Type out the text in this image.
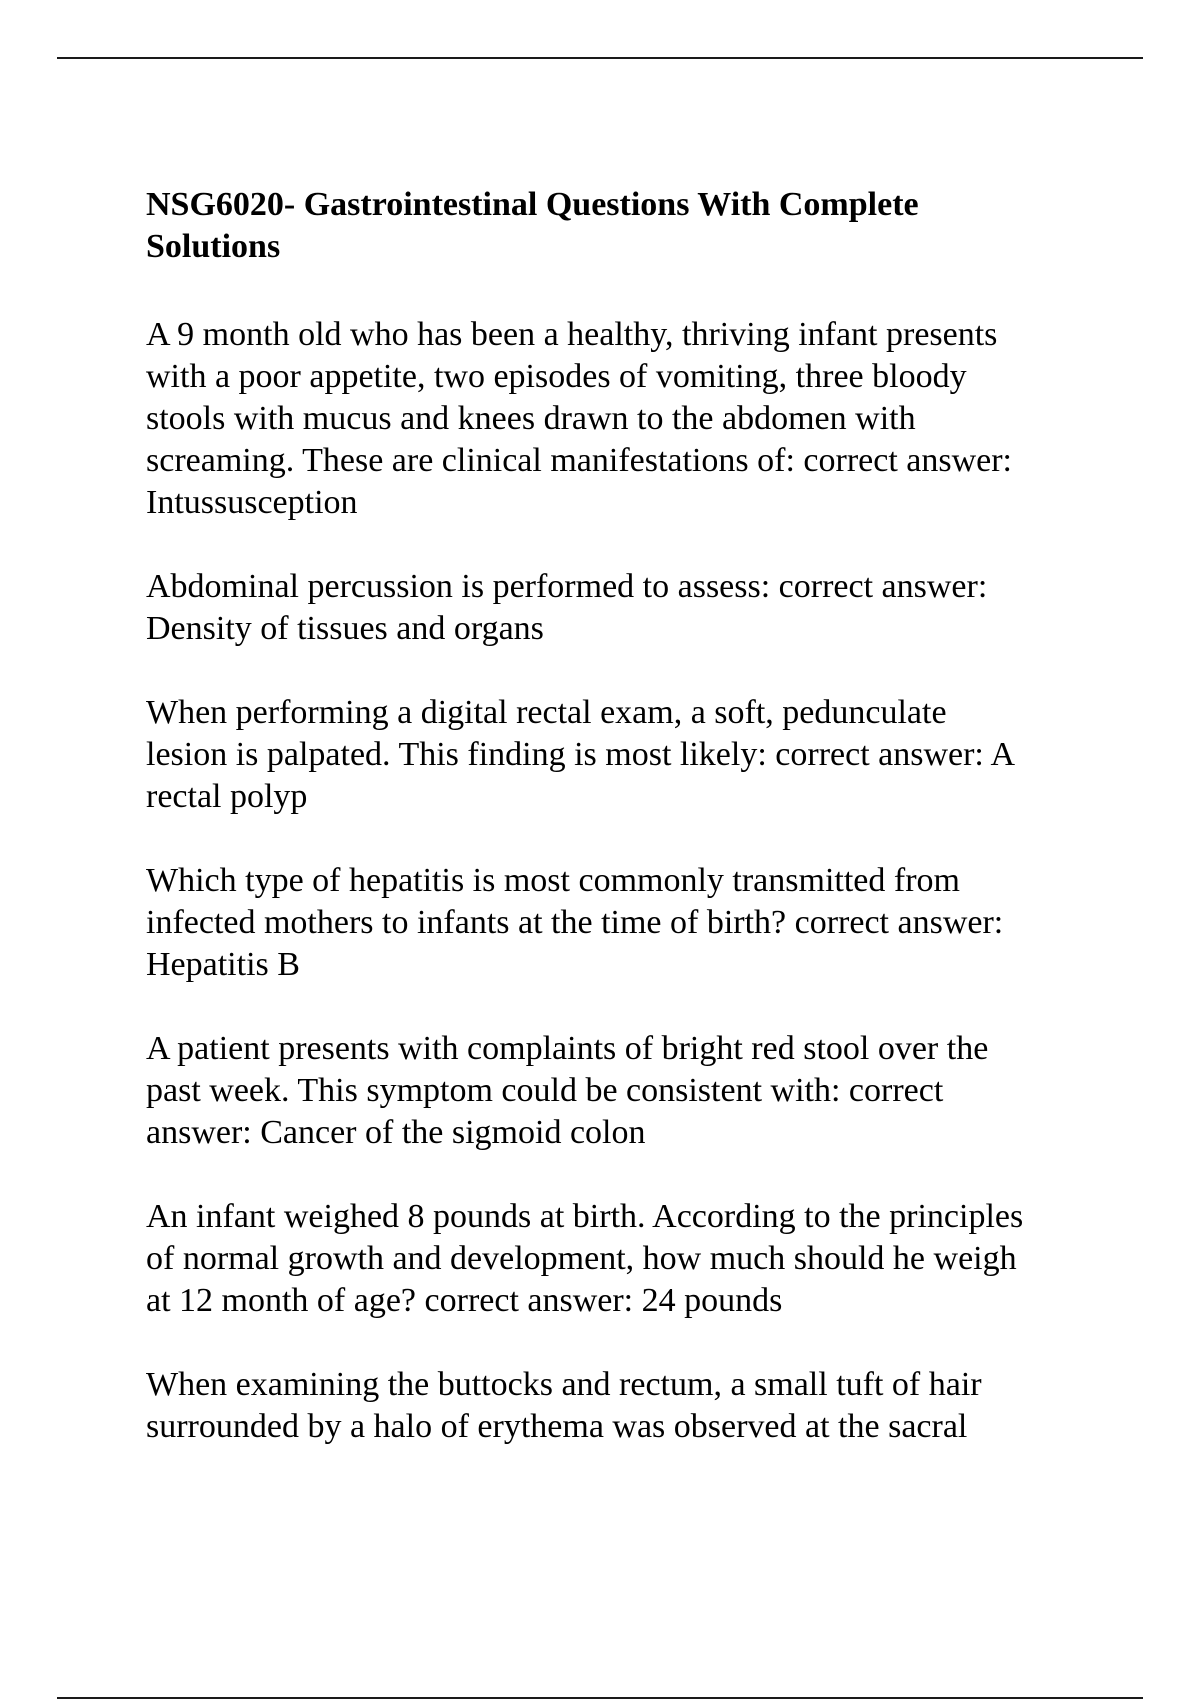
NSG6020- Gastrointestinal Questions With Complete Solutions

A 9 month old who has been a healthy, thriving infant presents
with a poor appetite, two episodes of vomiting, three bloody
stools with mucus and knees drawn to the abdomen with
screaming. These are clinical manifestations of: correct answer:
Intussusception

Abdominal percussion is performed to assess: correct answer:
Density of tissues and organs

When performing a digital rectal exam, a soft, pedunculate
lesion is palpated. This finding is most likely: correct answer: A
rectal polyp

Which type of hepatitis is most commonly transmitted from
infected mothers to infants at the time of birth? correct answer:
Hepatitis B

A patient presents with complaints of bright red stool over the
past week. This symptom could be consistent with: correct
answer: Cancer of the sigmoid colon

An infant weighed 8 pounds at birth. According to the principles
of normal growth and development, how much should he weigh
at 12 month of age? correct answer: 24 pounds

When examining the buttocks and rectum, a small tuft of hair
surrounded by a halo of erythema was observed at the sacral
